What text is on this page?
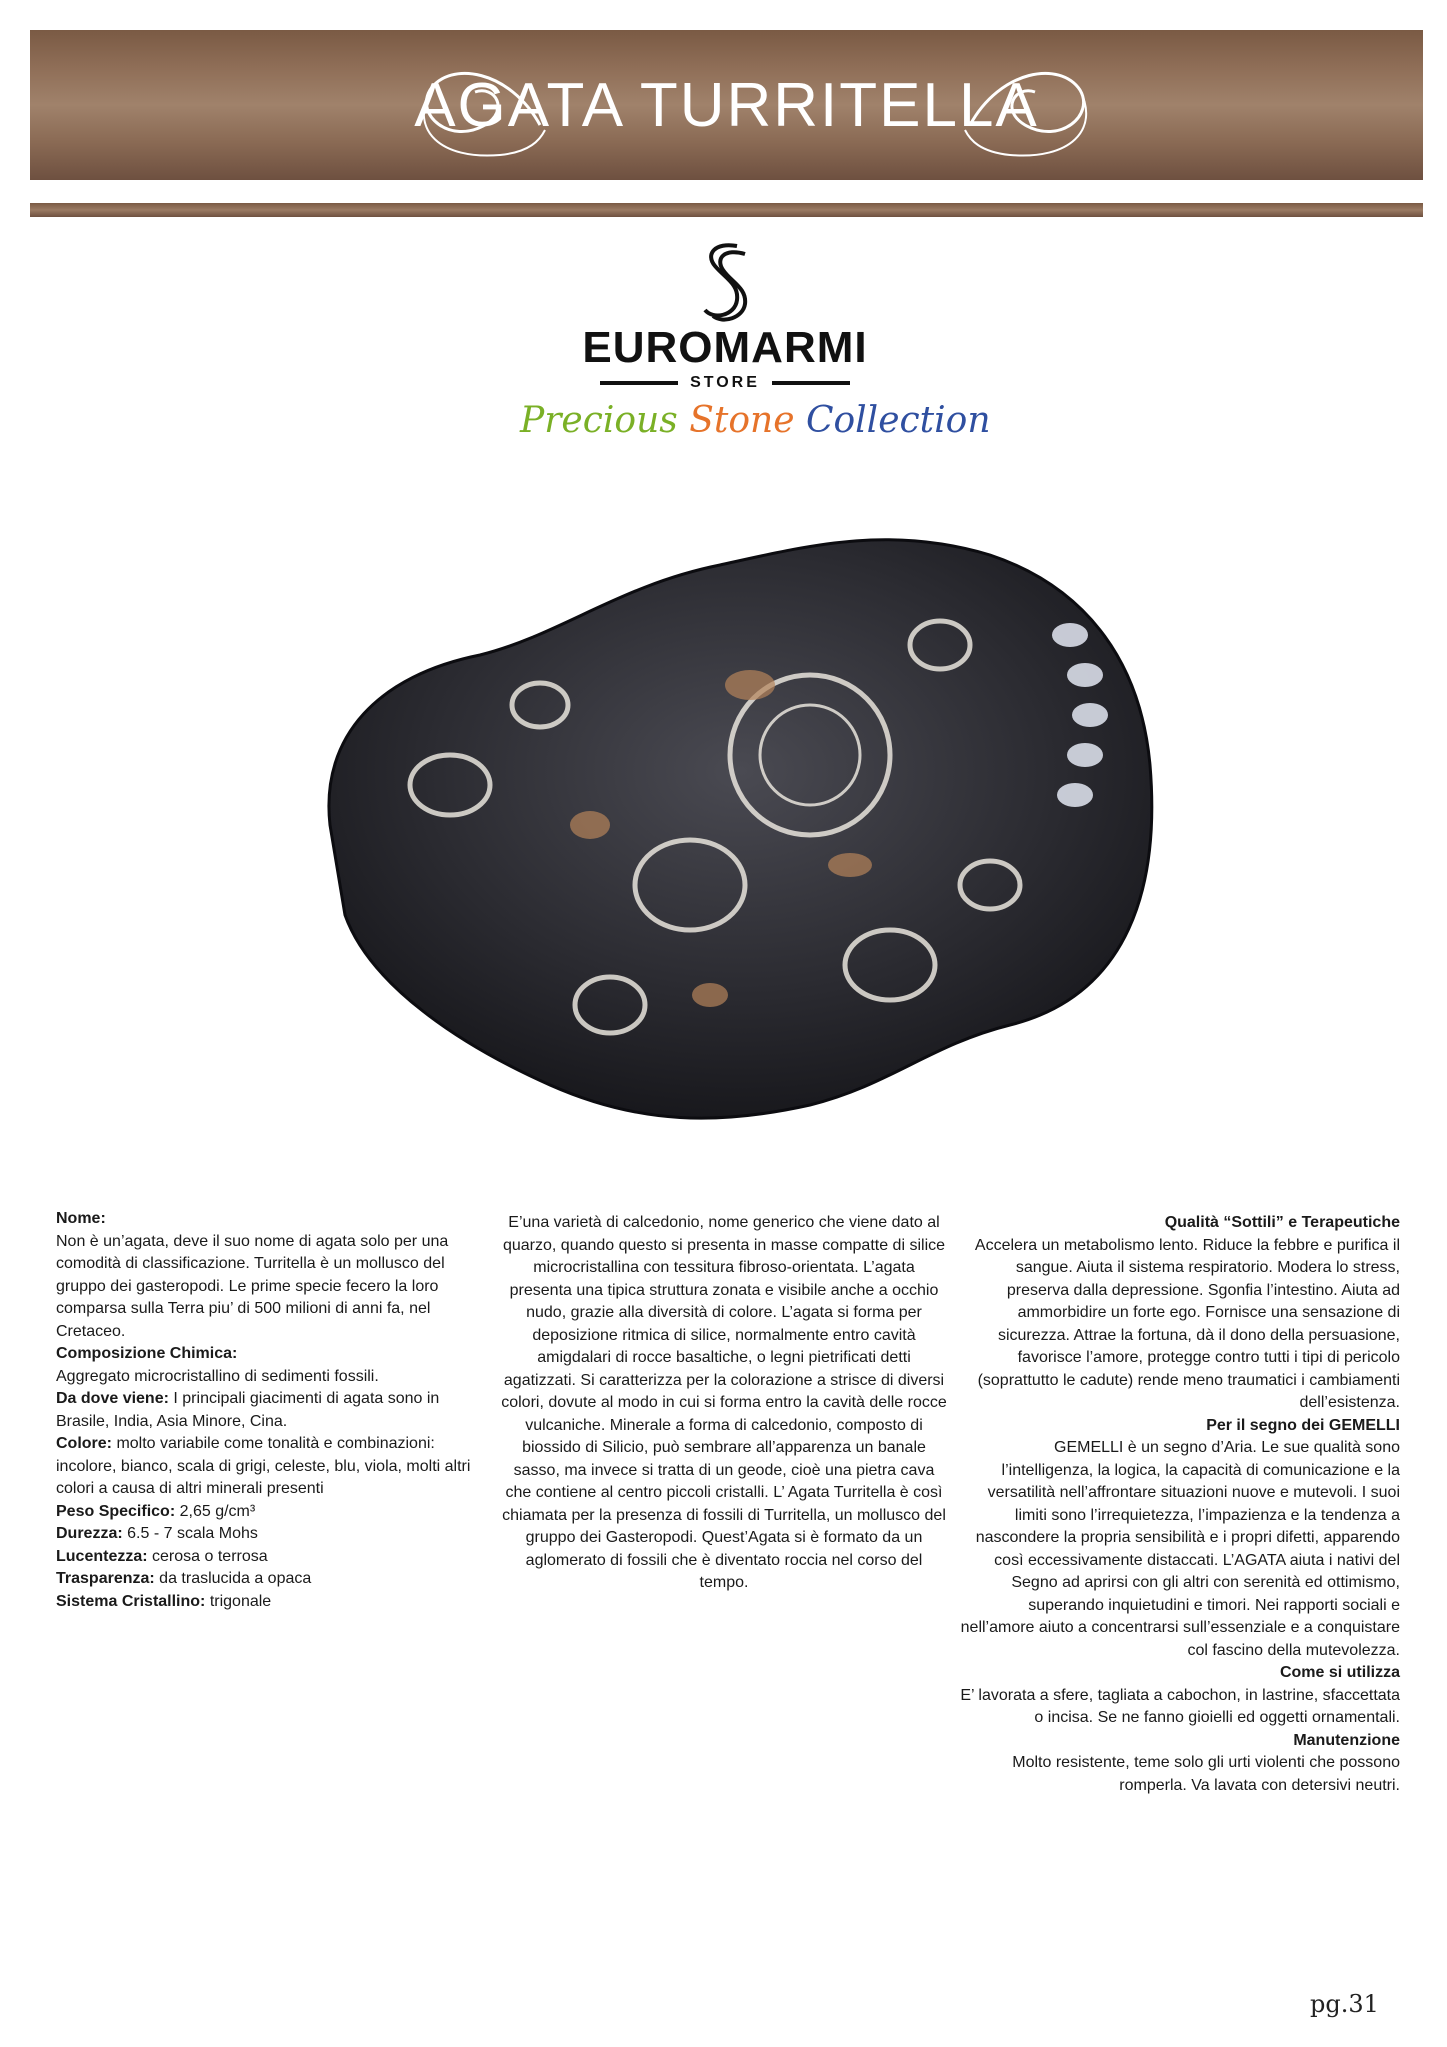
AGATA TURRITELLA
EUROMARMI
STORE
Precious Stone Collection

Nome:

Non è un’agata, deve il suo nome di agata solo per una comodità di classificazione. Turritella è un mollusco del gruppo dei gasteropodi. Le prime specie fecero la loro comparsa sulla Terra piu’ di 500 milioni di anni fa, nel Cretaceo.

Composizione Chimica:

Aggregato microcristallino di sedimenti fossili.

Da dove viene: I principali giacimenti di agata sono in Brasile, India, Asia Minore, Cina.

Colore: molto variabile come tonalità e combinazioni: incolore, bianco, scala di grigi, celeste, blu, viola, molti altri colori a causa di altri minerali presenti

Peso Specifico: 2,65 g/cm³

Durezza: 6.5 - 7 scala Mohs

Lucentezza: cerosa o terrosa

Trasparenza: da traslucida a opaca

Sistema Cristallino: trigonale

E’una varietà di calcedonio, nome generico che viene dato al quarzo, quando questo si presenta in masse compatte di silice microcristallina con tessitura fibroso-orientata. L’agata presenta una tipica struttura zonata e visibile anche a occhio nudo, grazie alla diversità di colore. L’agata si forma per deposizione ritmica di silice, normalmente entro cavità amigdalari di rocce basaltiche, o legni pietrificati detti agatizzati. Si caratterizza per la colorazione a strisce di diversi colori, dovute al modo in cui si forma entro la cavità delle rocce vulcaniche. Minerale a forma di calcedonio, composto di biossido di Silicio, può sembrare all’apparenza un banale sasso, ma invece si tratta di un geode, cioè una pietra cava che contiene al centro piccoli cristalli. L’ Agata Turritella è così chiamata per la presenza di fossili di Turritella, un mollusco del gruppo dei Gasteropodi. Quest’Agata si è formato da un aglomerato di fossili che è diventato roccia nel corso del tempo.

Qualità “Sottili” e Terapeutiche

Accelera un metabolismo lento. Riduce la febbre e purifica il sangue. Aiuta il sistema respiratorio. Modera lo stress, preserva dalla depressione. Sgonfia l’intestino. Aiuta ad ammorbidire un forte ego. Fornisce una sensazione di sicurezza. Attrae la fortuna, dà il dono della persuasione, favorisce l’amore, protegge contro tutti i tipi di pericolo (soprattutto le cadute) rende meno traumatici i cambiamenti dell’esistenza.

Per il segno dei GEMELLI

GEMELLI è un segno d’Aria. Le sue qualità sono l’intelligenza, la logica, la capacità di comunicazione e la versatilità nell’affrontare situazioni nuove e mutevoli. I suoi limiti sono l’irrequietezza, l’impazienza e la tendenza a nascondere la propria sensibilità e i propri difetti, apparendo così eccessivamente distaccati. L’AGATA aiuta i nativi del Segno ad aprirsi con gli altri con serenità ed ottimismo, superando inquietudini e timori. Nei rapporti sociali e nell’amore aiuto a concentrarsi sull’essenziale e a conquistare col fascino della mutevolezza.

Come si utilizza

E’ lavorata a sfere, tagliata a cabochon, in lastrine, sfaccettata o incisa. Se ne fanno gioielli ed oggetti ornamentali.

Manutenzione

Molto resistente, teme solo gli urti violenti che possono romperla. Va lavata con detersivi neutri.

pg.31
